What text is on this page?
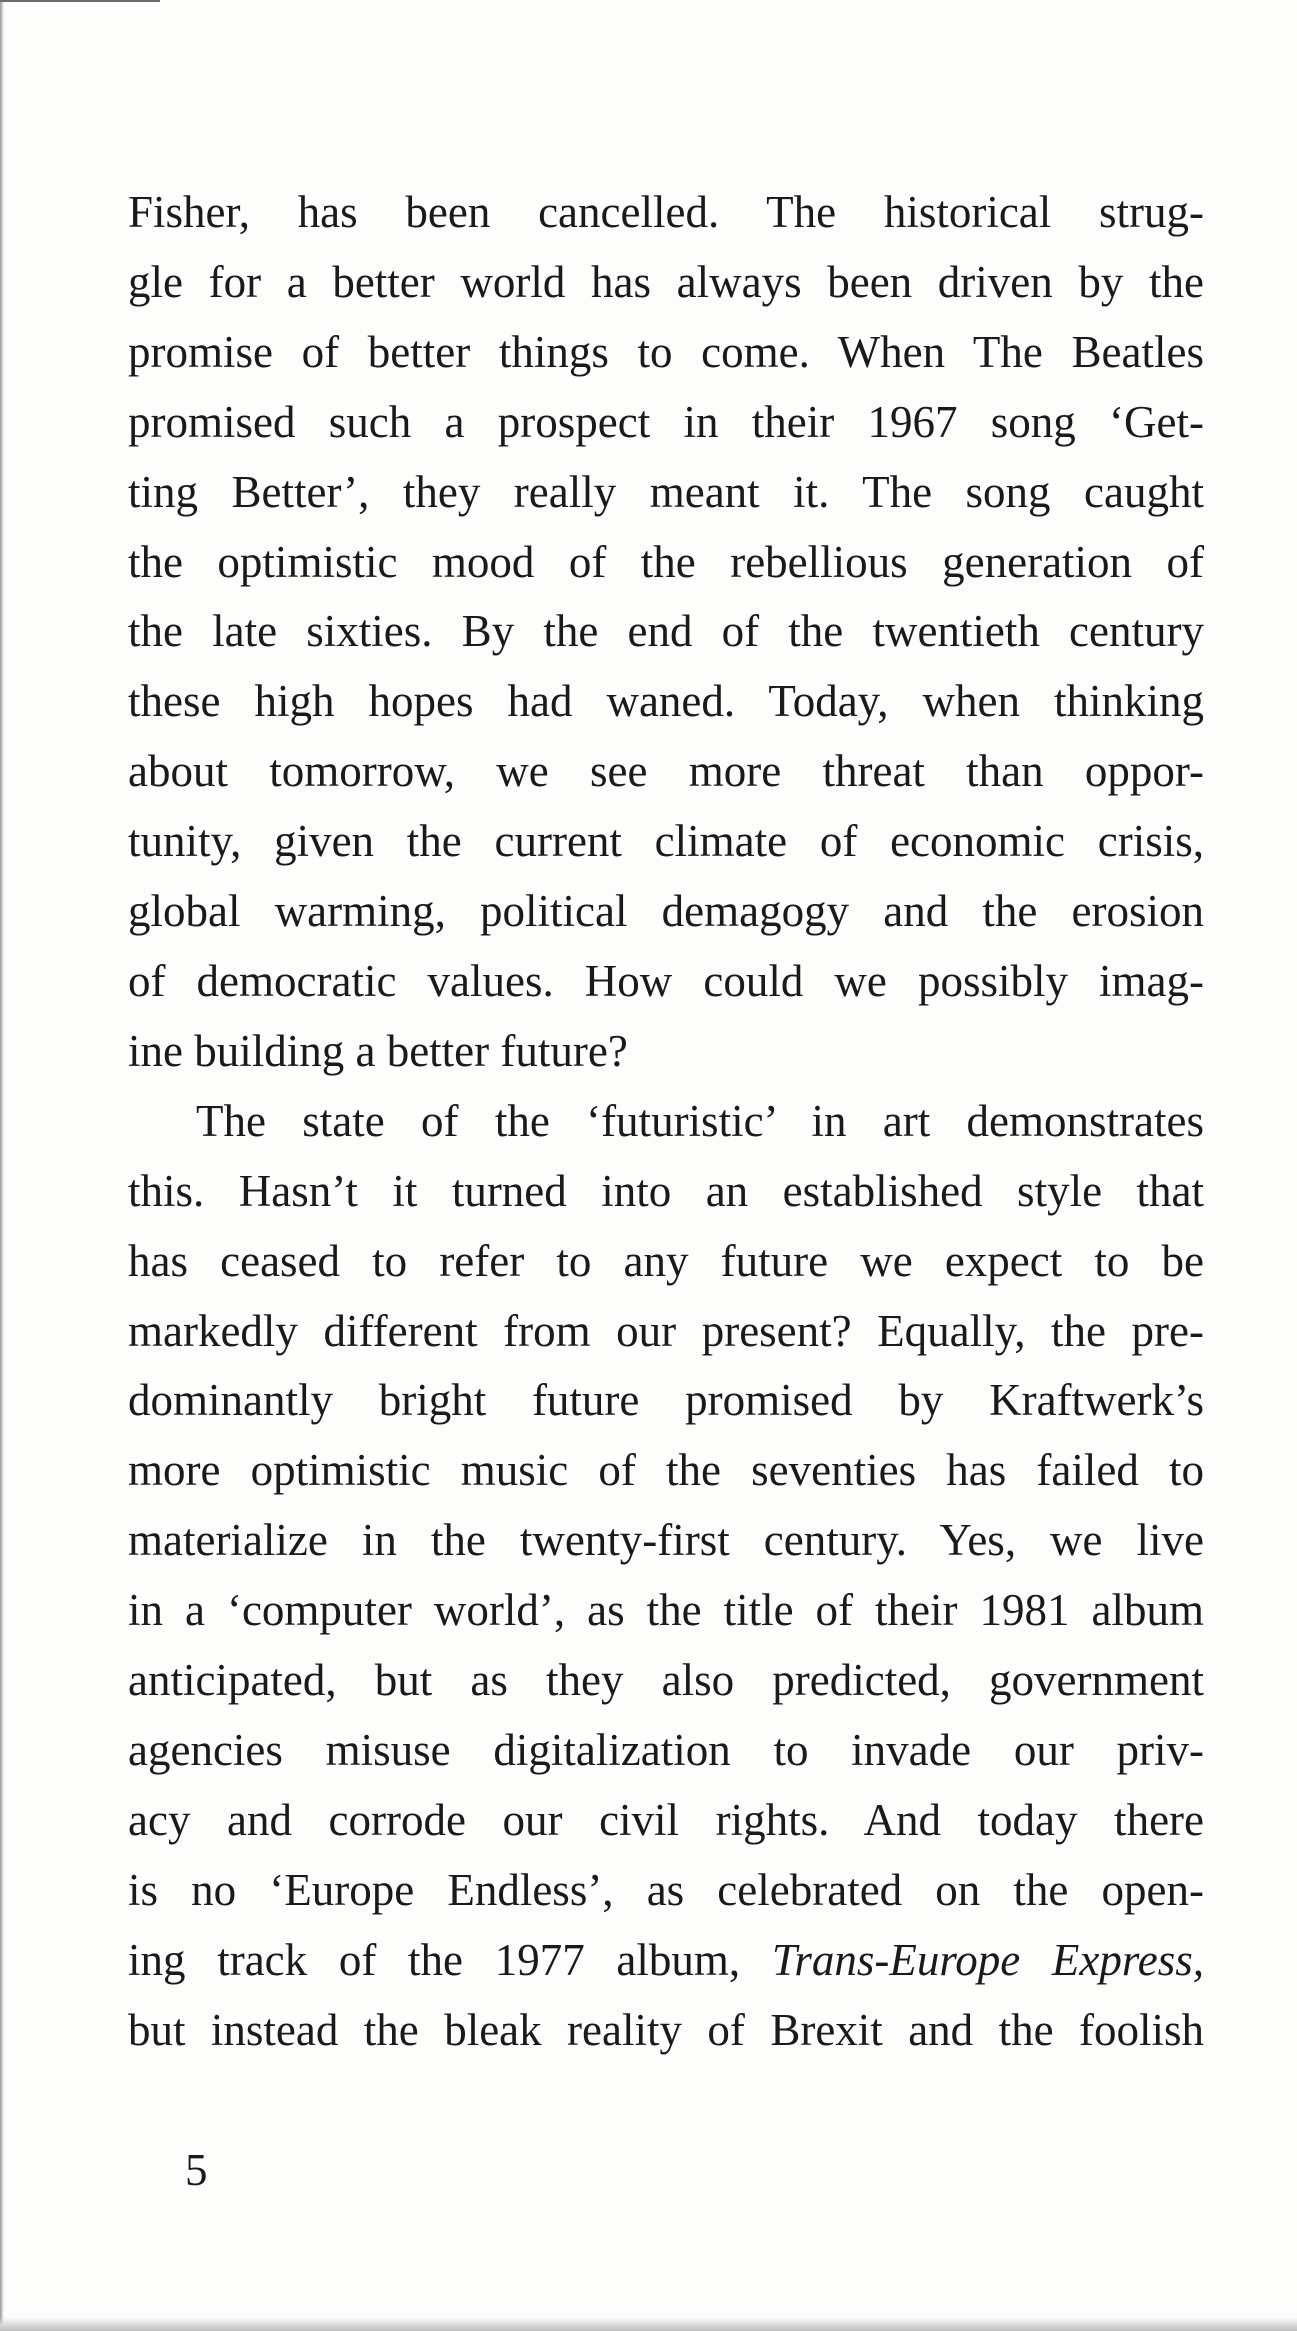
Fisher, has been cancelled. The historical strug-
gle for a better world has always been driven by the
promise of better things to come. When The Beatles
promised such a prospect in their 1967 song ‘Get-
ting Better’, they really meant it. The song caught
the optimistic mood of the rebellious generation of
the late sixties. By the end of the twentieth century
these high hopes had waned. Today, when thinking
about tomorrow, we see more threat than oppor-
tunity, given the current climate of economic crisis,
global warming, political demagogy and the erosion
of democratic values. How could we possibly imag-
ine building a better future?

The state of the ‘futuristic’ in art demonstrates
this. Hasn’t it turned into an established style that
has ceased to refer to any future we expect to be
markedly different from our present? Equally, the pre-
dominantly bright future promised by Kraftwerk’s
more optimistic music of the seventies has failed to
materialize in the twenty-first century. Yes, we live
in a ‘computer world’, as the title of their 1981 album
anticipated, but as they also predicted, government
agencies misuse digitalization to invade our priv-
acy and corrode our civil rights. And today there
is no ‘Europe Endless’, as celebrated on the open-
ing track of the 1977 album, Trans-Europe Express,
but instead the bleak reality of Brexit and the foolish

5
